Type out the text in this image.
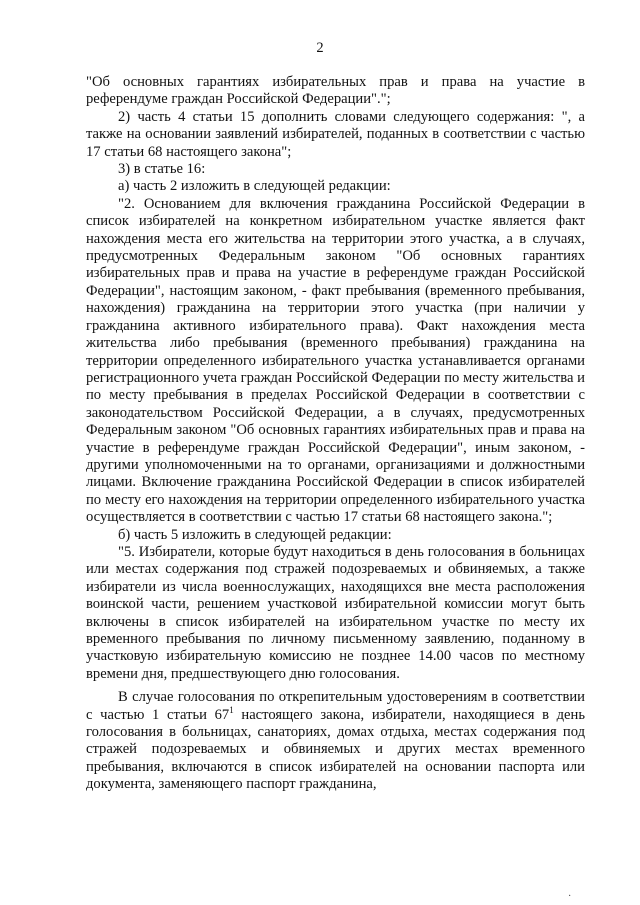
2

"Об основных гарантиях избирательных прав и права на участие в референдуме граждан Российской Федерации".";

2) часть 4 статьи 15 дополнить словами следующего содержания: ", а также на основании заявлений избирателей, поданных в соответствии с частью 17 статьи 68 настоящего закона";

3) в статье 16:

а) часть 2 изложить в следующей редакции:

"2. Основанием для включения гражданина Российской Федерации в список избирателей на конкретном избирательном участке является факт нахождения места его жительства на территории этого участка, а в случаях, предусмотренных Федеральным законом "Об основных гарантиях избирательных прав и права на участие в референдуме граждан Российской Федерации", настоящим законом, - факт пребывания (временного пребывания, нахождения) гражданина на территории этого участка (при наличии у гражданина активного избирательного права). Факт нахождения места жительства либо пребывания (временного пребывания) гражданина на территории определенного избирательного участка устанавливается органами регистрационного учета граждан Российской Федерации по месту жительства и по месту пребывания в пределах Российской Федерации в соответствии с законодательством Российской Федерации, а в случаях, предусмотренных Федеральным законом "Об основных гарантиях избирательных прав и права на участие в референдуме граждан Российской Федерации", иным законом, - другими уполномоченными на то органами, организациями и должностными лицами. Включение гражданина Российской Федерации в список избирателей по месту его нахождения на территории определенного избирательного участка осуществляется в соответствии с частью 17 статьи 68 настоящего закона.";

б) часть 5 изложить в следующей редакции:

"5. Избиратели, которые будут находиться в день голосования в больницах или местах содержания под стражей подозреваемых и обвиняемых, а также избиратели из числа военнослужащих, находящихся вне места расположения воинской части, решением участковой избирательной комиссии могут быть включены в список избирателей на избирательном участке по месту их временного пребывания по личному письменному заявлению, поданному в участковую избирательную комиссию не позднее 14.00 часов по местному времени дня, предшествующего дню голосования.

В случае голосования по открепительным удостоверениям в соответствии с частью 1 статьи $67^1$ настоящего закона, избиратели, находящиеся в день голосования в больницах, санаториях, домах отдыха, местах содержания под стражей подозреваемых и обвиняемых и других местах временного пребывания, включаются в список избирателей на основании паспорта или документа, заменяющего паспорт гражданина,

·
